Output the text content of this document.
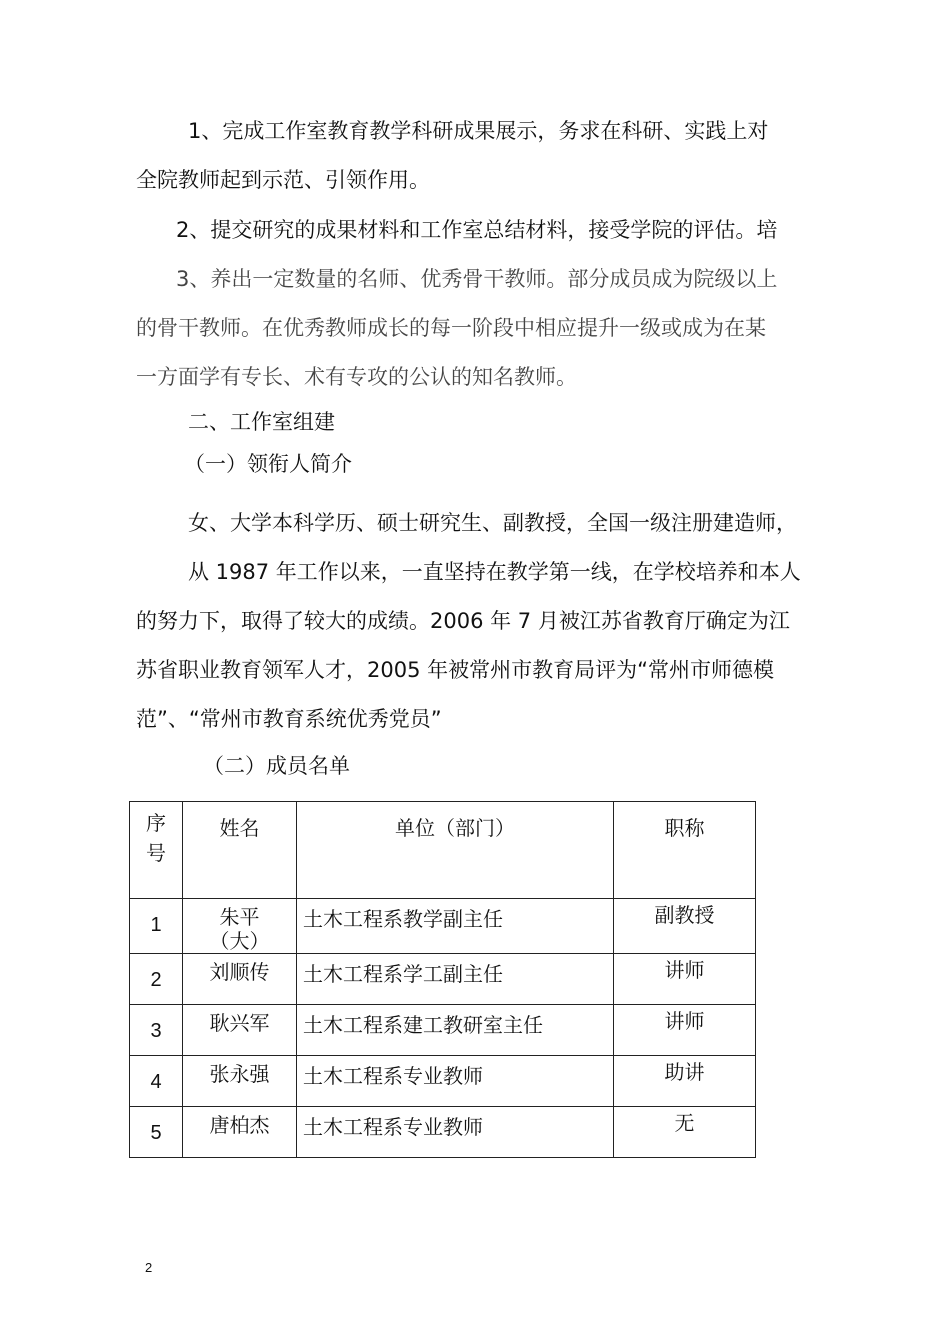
1、完成工作室教育教学科研成果展示，务求在科研、实践上对
全院教师起到示范、引领作用。
2、提交研究的成果材料和工作室总结材料，接受学院的评估。培
3、养出一定数量的名师、优秀骨干教师。部分成员成为院级以上
的骨干教师。在优秀教师成长的每一阶段中相应提升一级或成为在某
一方面学有专长、术有专攻的公认的知名教师。
二、工作室组建
（一）领衔人简介
女、大学本科学历、硕士研究生、副教授，全国一级注册建造师，
从 1987 年工作以来，一直坚持在教学第一线，在学校培养和本人
的努力下，取得了较大的成绩。2006 年 7 月被江苏省教育厅确定为江
苏省职业教育领军人才，2005 年被常州市教育局评为“常州市师德模
范”、“常州市教育系统优秀党员”
（二）成员名单
序
号	姓名	单位（部门）	职称

1	朱平
（大）	土木工程系教学副主任	副教授

2	刘顺传	土木工程系学工副主任	讲师

3	耿兴军	土木工程系建工教研室主任	讲师

4	张永强	土木工程系专业教师	助讲

5	唐柏杰	土木工程系专业教师	无
2
